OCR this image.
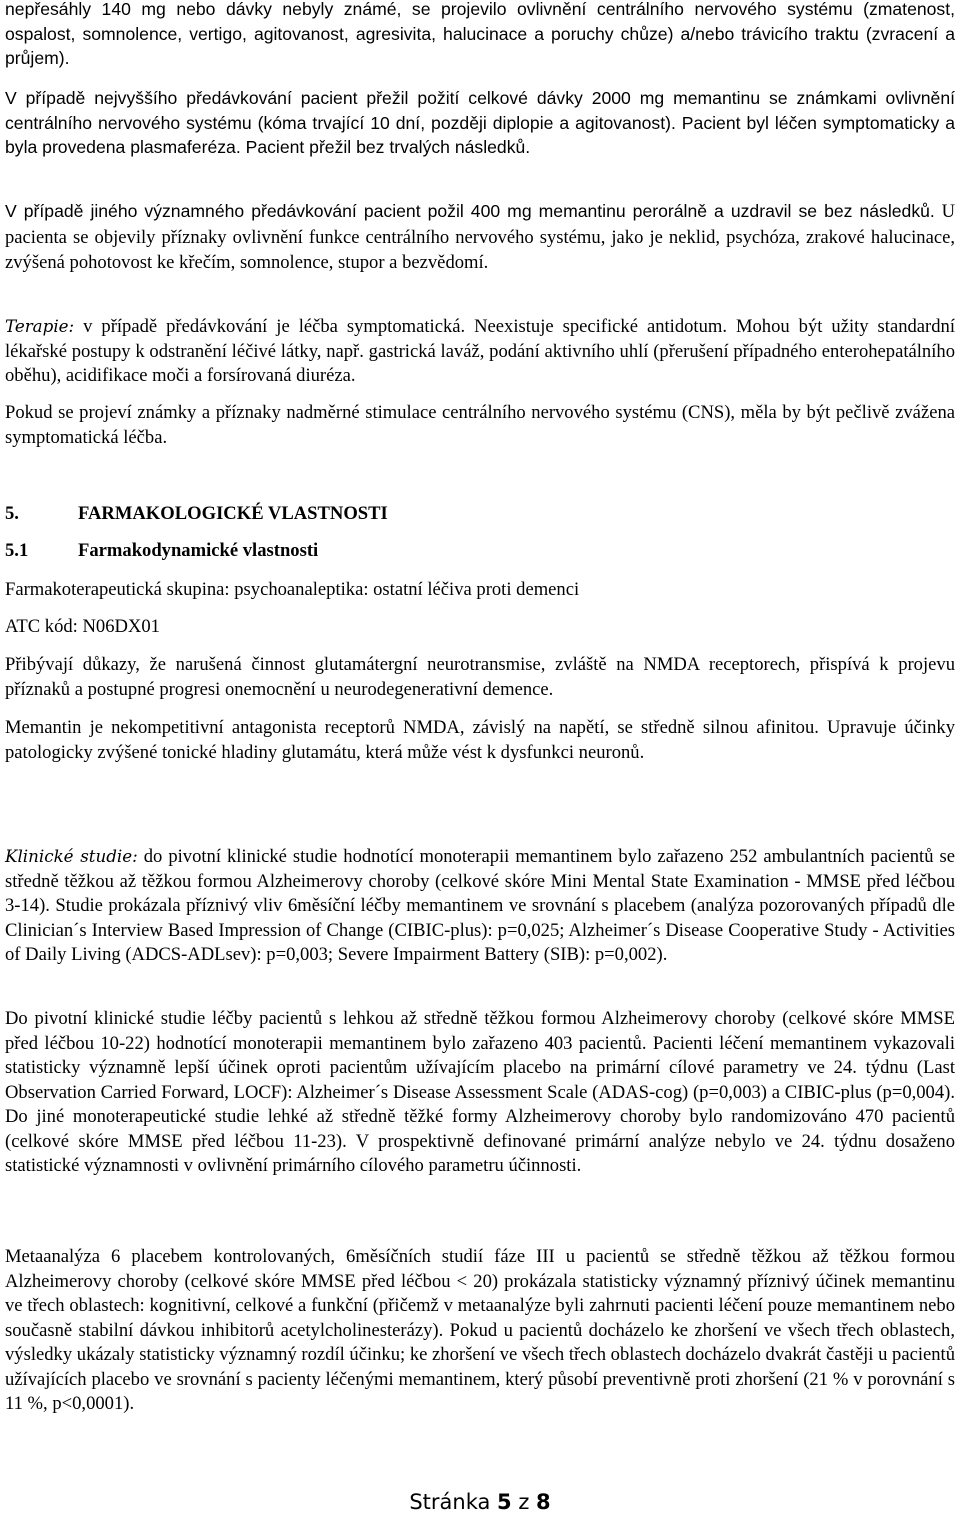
nepřesáhly 140 mg nebo dávky nebyly známé, se projevilo ovlivnění centrálního nervového systému (zmatenost, ospalost, somnolence, vertigo, agitovanost, agresivita, halucinace a poruchy chůze) a/nebo trávicího traktu (zvracení a průjem).

V případě nejvyššího předávkování pacient přežil požití celkové dávky 2000 mg memantinu se známkami ovlivnění centrálního nervového systému (kóma trvající 10 dní, později diplopie a agitovanost). Pacient byl léčen symptomaticky a byla provedena plasmaferéza. Pacient přežil bez trvalých následků.

V případě jiného významného předávkování pacient požil 400 mg memantinu perorálně a uzdravil se bez následků. U pacienta se objevily příznaky ovlivnění funkce centrálního nervového systému, jako je neklid, psychóza, zrakové halucinace, zvýšená pohotovost ke křečím, somnolence, stupor a bezvědomí.

Terapie: v případě předávkování je léčba symptomatická. Neexistuje specifické antidotum. Mohou být užity standardní lékařské postupy k odstranění léčivé látky, např. gastrická laváž, podání aktivního uhlí (přerušení případného enterohepatálního oběhu), acidifikace moči a forsírovaná diuréza.

Pokud se projeví známky a příznaky nadměrné stimulace centrálního nervového systému (CNS), měla by být pečlivě zvážena symptomatická léčba.

5.	FARMAKOLOGICKÉ VLASTNOSTI
5.1	Farmakodynamické vlastnosti

Farmakoterapeutická skupina: psychoanaleptika: ostatní léčiva proti demenci

ATC kód: N06DX01

Přibývají důkazy, že narušená činnost glutamátergní neurotransmise, zvláště na NMDA receptorech, přispívá k projevu příznaků a postupné progresi onemocnění u neurodegenerativní demence.

Memantin je nekompetitivní antagonista receptorů NMDA, závislý na napětí, se středně silnou afinitou. Upravuje účinky patologicky zvýšené tonické hladiny glutamátu, která může vést k dysfunkci neuronů.

Klinické studie: do pivotní klinické studie hodnotící monoterapii memantinem bylo zařazeno 252 ambulantních pacientů se středně těžkou až těžkou formou Alzheimerovy choroby (celkové skóre Mini Mental State Examination - MMSE před léčbou 3-14). Studie prokázala příznivý vliv 6měsíční léčby memantinem ve srovnání s placebem (analýza pozorovaných případů dle Clinician´s Interview Based Impression of Change (CIBIC-plus): p=0,025; Alzheimer´s Disease Cooperative Study - Activities of Daily Living (ADCS-ADLsev): p=0,003; Severe Impairment Battery (SIB): p=0,002).

Do pivotní klinické studie léčby pacientů s lehkou až středně těžkou formou Alzheimerovy choroby (celkové skóre MMSE před léčbou 10-22) hodnotící monoterapii memantinem bylo zařazeno 403 pacientů. Pacienti léčení memantinem vykazovali statisticky významně lepší účinek oproti pacientům užívajícím placebo na primární cílové parametry ve 24. týdnu (Last Observation Carried Forward, LOCF): Alzheimer´s Disease Assessment Scale (ADAS-cog) (p=0,003) a CIBIC-plus (p=0,004). Do jiné monoterapeutické studie lehké až středně těžké formy Alzheimerovy choroby bylo randomizováno 470 pacientů (celkové skóre MMSE před léčbou 11-23). V prospektivně definované primární analýze nebylo ve 24. týdnu dosaženo statistické významnosti v ovlivnění primárního cílového parametru účinnosti.

Metaanalýza 6 placebem kontrolovaných, 6měsíčních studií fáze III u pacientů se středně těžkou až těžkou formou Alzheimerovy choroby (celkové skóre MMSE před léčbou < 20) prokázala statisticky významný příznivý účinek memantinu ve třech oblastech: kognitivní, celkové a funkční (přičemž v metaanalýze byli zahrnuti pacienti léčení pouze memantinem nebo současně stabilní dávkou inhibitorů acetylcholinesterázy). Pokud u pacientů docházelo ke zhoršení ve všech třech oblastech, výsledky ukázaly statisticky významný rozdíl účinku; ke zhoršení ve všech třech oblastech docházelo dvakrát častěji u pacientů užívajících placebo ve srovnání s pacienty léčenými memantinem, který působí preventivně proti zhoršení (21 % v porovnání s 11 %, p<0,0001).

Stránka 5 z 8
